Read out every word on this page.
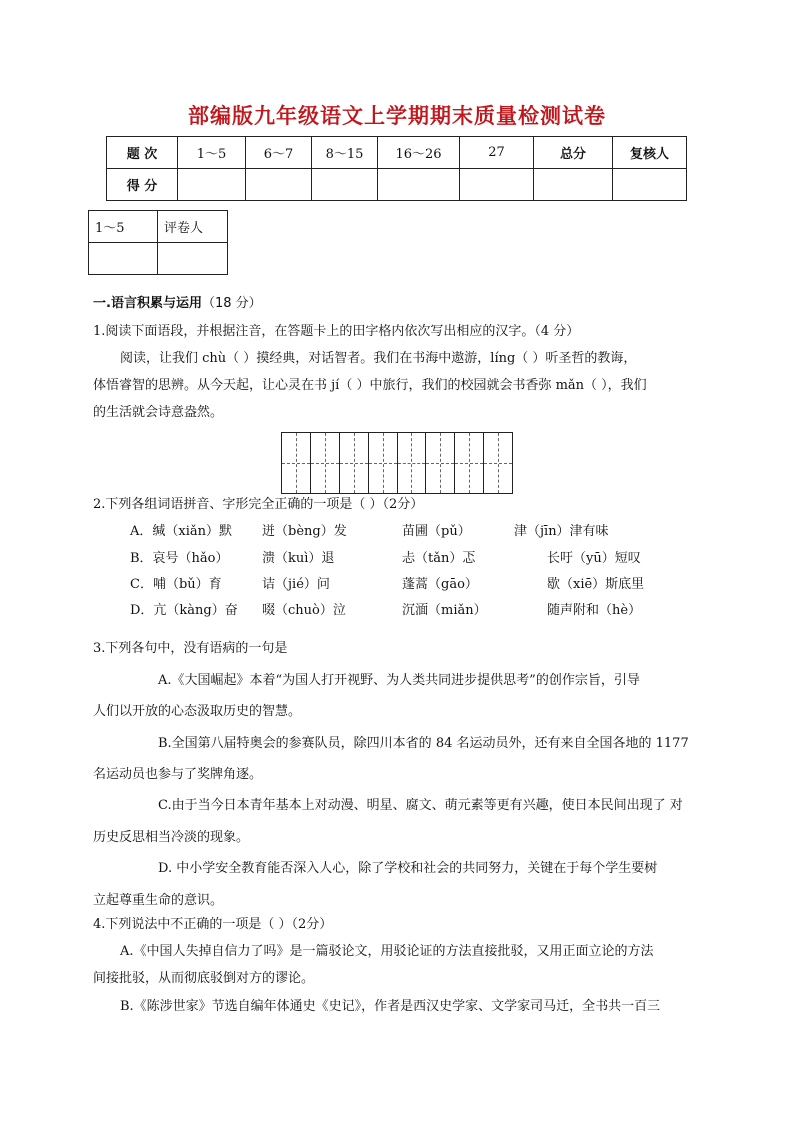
部编版九年级语文上学期期末质量检测试卷
题 次	1～5	6～7	8～15	16～26	27	总分	复核人
得 分							
1～5	评卷人

一.语言积累与运用（18 分）
1.阅读下面语段，并根据注音，在答题卡上的田字格内依次写出相应的汉字。（4 分）
阅读，让我们 chù（ ）摸经典，对话智者。我们在书海中遨游，líng（ ）听圣哲的教诲，
体悟睿智的思辨。从今天起，让心灵在书 jí（ ）中旅行，我们的校园就会书香弥 mǎn（ ），我们
的生活就会诗意盎然。
2.下列各组词语拼音、字形完全正确的一项是（ ）（2分）
A．缄（xiǎn）默 迸（bèng）发	苗圃（pǔ）	津（jīn）津有味
B．哀号（hǎo）	溃（kuì）退	忐（tǎn）忑	长吁（yū）短叹
C．哺（bǔ）育	诘（jié）问	蓬蒿（gāo）	歇（xiē）斯底里
D．亢（kàng）奋 啜（chuò）泣	沉湎（miǎn）	随声附和（hè）
3.下列各句中，没有语病的一句是
A.《大国崛起》本着“为国人打开视野、为人类共同进步提供思考”的创作宗旨，引导
人们以开放的心态汲取历史的智慧。
B.全国第八届特奥会的参赛队员，除四川本省的 84 名运动员外，还有来自全国各地的 1177
名运动员也参与了奖牌角逐。
C.由于当今日本青年基本上对动漫、明星、腐文、萌元素等更有兴趣，使日本民间出现了 对
历史反思相当冷淡的现象。
D. 中小学安全教育能否深入人心，除了学校和社会的共同努力，关键在于每个学生要树
立起尊重生命的意识。
4.下列说法中不正确的一项是（ ）（2分）
A.《中国人失掉自信力了吗》是一篇驳论文，用驳论证的方法直接批驳，又用正面立论的方法
间接批驳，从而彻底驳倒对方的谬论。
B.《陈涉世家》节选自编年体通史《史记》，作者是西汉史学家、文学家司马迁，全书共一百三
